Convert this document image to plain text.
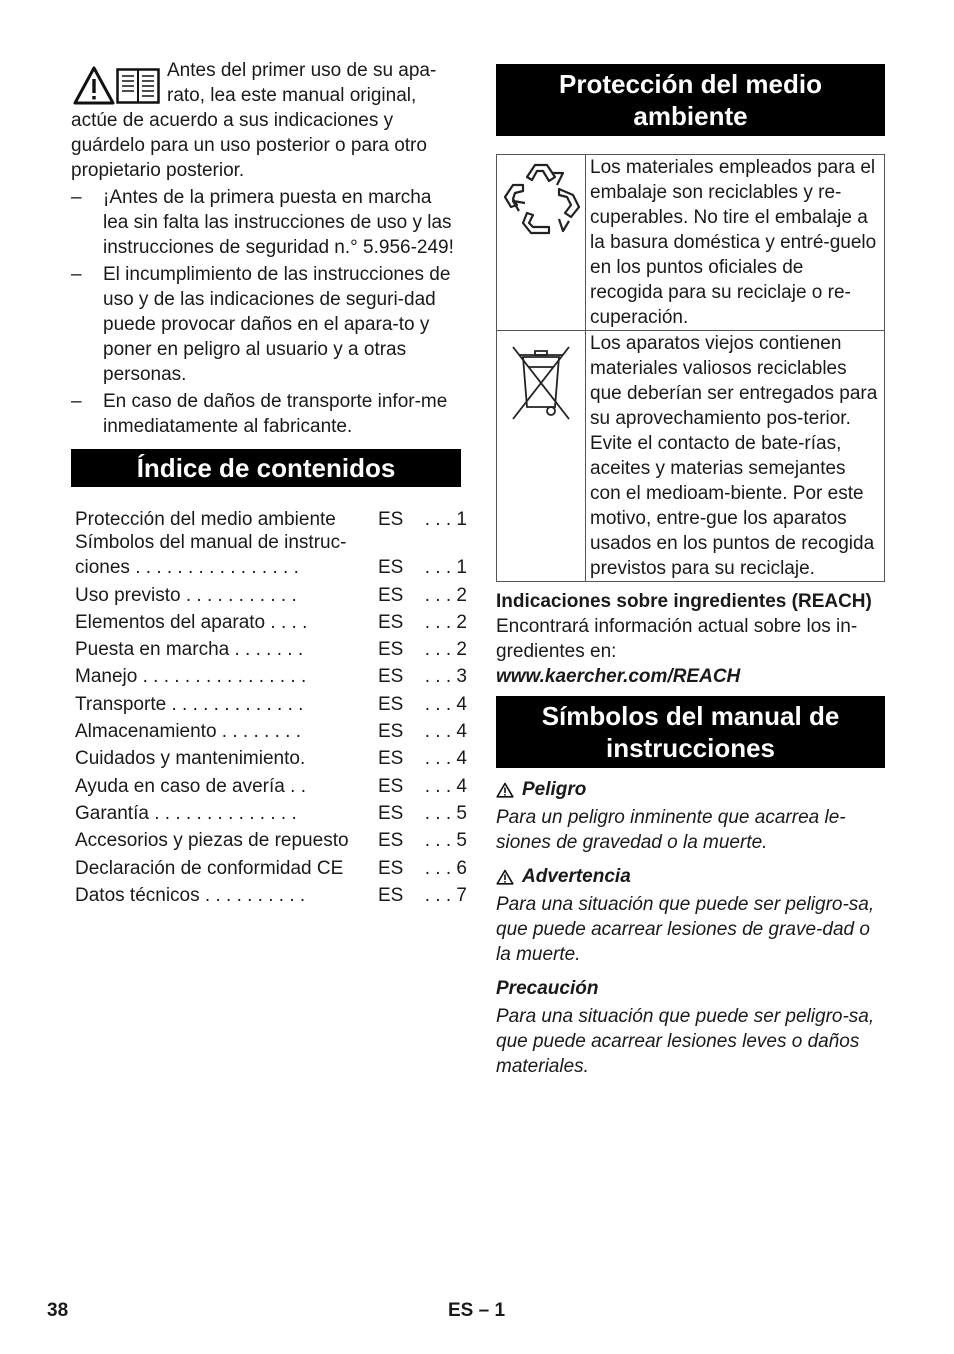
Antes del primer uso de su apa-
rato, lea este manual original,
actúe de acuerdo a sus indicaciones y guárdelo para un uso posterior o para otro propietario posterior.
– ¡Antes de la primera puesta en marcha lea sin falta las instrucciones de uso y las instrucciones de seguridad n.° 5.956-249!
– El incumplimiento de las instrucciones de uso y de las indicaciones de seguri-dad puede provocar daños en el apara-to y poner en peligro al usuario y a otras personas.
– En caso de daños de transporte infor-me inmediatamente al fabricante.
Índice de contenidos
Protección del medio ambiente	ES	. . . 1
Símbolos del manual de instruc-
ciones . . . . . . . . . . . . . . . .	ES	. . . 1
Uso previsto . . . . . . . . . . .	ES	. . . 2
Elementos del aparato . . . .	ES	. . . 2
Puesta en marcha . . . . . . .	ES	. . . 2
Manejo . . . . . . . . . . . . . . . .	ES	. . . 3
Transporte . . . . . . . . . . . . .	ES	. . . 4
Almacenamiento . . . . . . . .	ES	. . . 4
Cuidados y mantenimiento.	ES	. . . 4
Ayuda en caso de avería . .	ES	. . . 4
Garantía . . . . . . . . . . . . . .	ES	. . . 5
Accesorios y piezas de repuesto	ES	. . . 5
Declaración de conformidad CE	ES	. . . 6
Datos técnicos . . . . . . . . . .	ES	. . . 7
Protección del medio ambiente
	Los materiales empleados para el embalaje son reciclables y re-cuperables. No tire el embalaje a la basura doméstica y entré-guelo en los puntos oficiales de recogida para su reciclaje o re-cuperación.

	Los aparatos viejos contienen materiales valiosos reciclables que deberían ser entregados para su aprovechamiento pos-terior. Evite el contacto de bate-rías, aceites y materias semejantes con el medioam-biente. Por este motivo, entre-gue los aparatos usados en los puntos de recogida previstos para su reciclaje.
Indicaciones sobre ingredientes (REACH)
Encontrará información actual sobre los in-gredientes en:
www.kaercher.com/REACH
Símbolos del manual de instrucciones
Peligro
Para un peligro inminente que acarrea le-siones de gravedad o la muerte.
Advertencia
Para una situación que puede ser peligro-sa, que puede acarrear lesiones de grave-dad o la muerte.
Precaución
Para una situación que puede ser peligro-sa, que puede acarrear lesiones leves o daños materiales.
38	ES – 1
